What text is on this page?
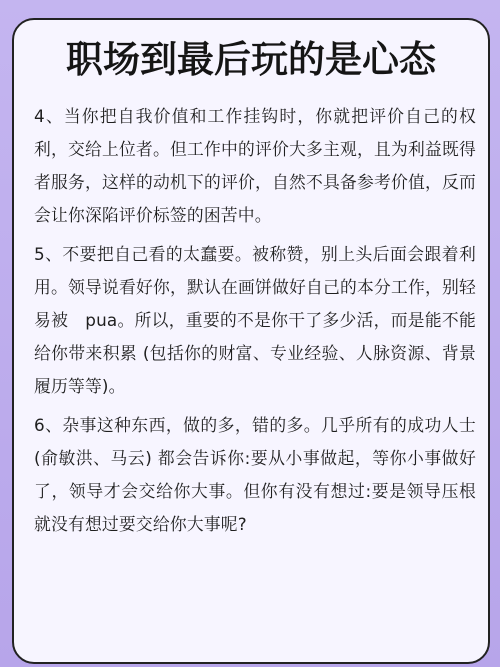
职场到最后玩的是心态

4、当你把自我价值和工作挂钩时，你就把评价自己的权利，交给上位者。但工作中的评价大多主观，且为利益既得者服务，这样的动机下的评价，自然不具备参考价值，反而会让你深陷评价标签的困苦中。

5、不要把自己看的太蠢要。被称赞，别上头后面会跟着利用。领导说看好你，默认在画饼做好自己的本分工作，别轻易被　pua。所以，重要的不是你干了多少活，而是能不能给你带来积累 (包括你的财富、专业经验、人脉资源、背景履历等等)。

6、杂事这种东西，做的多，错的多。几乎所有的成功人士 (俞敏洪、马云) 都会告诉你:要从小事做起，等你小事做好了，领导才会交给你大事。但你有没有想过:要是领导压根就没有想过要交给你大事呢?
